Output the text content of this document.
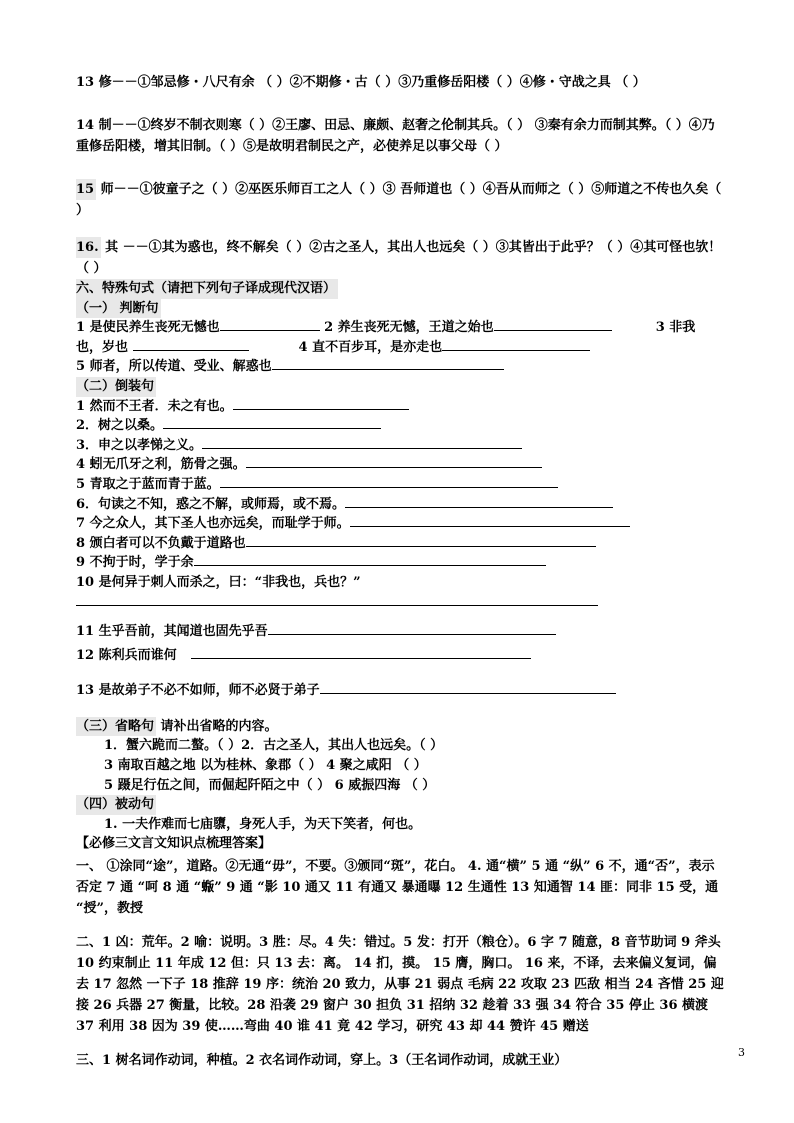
13 修－－①邹忌修・八尺有余 （ ）②不期修・古（ ）③乃重修岳阳楼（ ）④修・守战之具 （ ）

14 制－－①终岁不制衣则寒（ ）②王廖、田忌、廉颇、赵奢之伦制其兵。（ ） ③秦有余力而制其弊。（ ）④乃重修岳阳楼，增其旧制。（ ）⑤是故明君制民之产，必使养足以事父母（ ）

15 师－－①彼童子之（ ）②巫医乐师百工之人（ ）③ 吾师道也（ ）④吾从而师之（ ）⑤师道之不传也久矣（ ）

16. 其 －－①其为惑也，终不解矣（ ）②古之圣人，其出人也远矣（ ）③其皆出于此乎？（ ）④其可怪也欤！（ ）

六、特殊句式（请把下列句子译成现代汉语）
（一） 判断句
1 是使民养生丧死无憾也	2 养生丧死无憾，王道之始也	3 非我
也，岁也	4 直不百步耳，是亦走也
5 师者，所以传道、受业、解惑也
（二）倒装句
1 然而不王者．未之有也。
2．树之以桑。
3．申之以孝悌之义。
4 蚓无爪牙之利，筋骨之强。
5 青取之于蓝而青于蓝。
6．句读之不知，惑之不解，或师焉，或不焉。
7 今之众人，其下圣人也亦远矣，而耻学于师。
8 颁白者可以不负戴于道路也
9 不拘于时，学于余
10 是何异于刺人而杀之，曰：“非我也，兵也？”
11 生乎吾前，其闻道也固先乎吾
12 陈利兵而谁何
13 是故弟子不必不如师，师不必贤于弟子
（三）省略句 请补出省略的内容。
1．蟹六跪而二螯。（ ）2．古之圣人，其出人也远矣。（ ）
3 南取百越之地 以为桂林、象郡（ ） 4 聚之咸阳 （ ）
5 蹑足行伍之间，而倔起阡陌之中（ ） 6 威振四海 （ ）
（四）被动句
1. 一夫作难而七庙隳，身死人手，为天下笑者，何也。
【必修三文言文知识点梳理答案】

一、 ①涂同“途”，道路。②无通“毋”，不要。③颁同“斑”，花白。 4. 通“横” 5 通 “纵” 6 不，通“否”，表示否定 7 通 “呵 8 通 “蝂” 9 通 “影 10 通又 11 有通又 暴通曝 12 生通性 13 知通智 14 匪：同非 15 受，通 “授”，教授

二、1 凶：荒年。2 喻：说明。3 胜：尽。4 失：错过。5 发：打开（粮仓）。6 字 7 随意，8 音节助词 9 斧头 10 约束制止 11 年成 12 但：只 13 去：离。 14 扪，摸。 15 膺，胸口。 16 来，不译，去来偏义复词，偏去 17 忽然 一下子 18 推辞 19 序：统治 20 致力，从事 21 弱点 毛病 22 攻取 23 匹敌 相当 24 吝惜 25 迎接 26 兵器 27 衡量，比较。28 沿袭 29 窗户 30 担负 31 招纳 32 趁着 33 强 34 符合 35 停止 36 横渡 37 利用 38 因为 39 使……弯曲 40 谁 41 竟 42 学习，研究 43 却 44 赞许 45 赠送

三、1 树名词作动词，种植。2 衣名词作动词，穿上。3（王名词作动词，成就王业）

3
